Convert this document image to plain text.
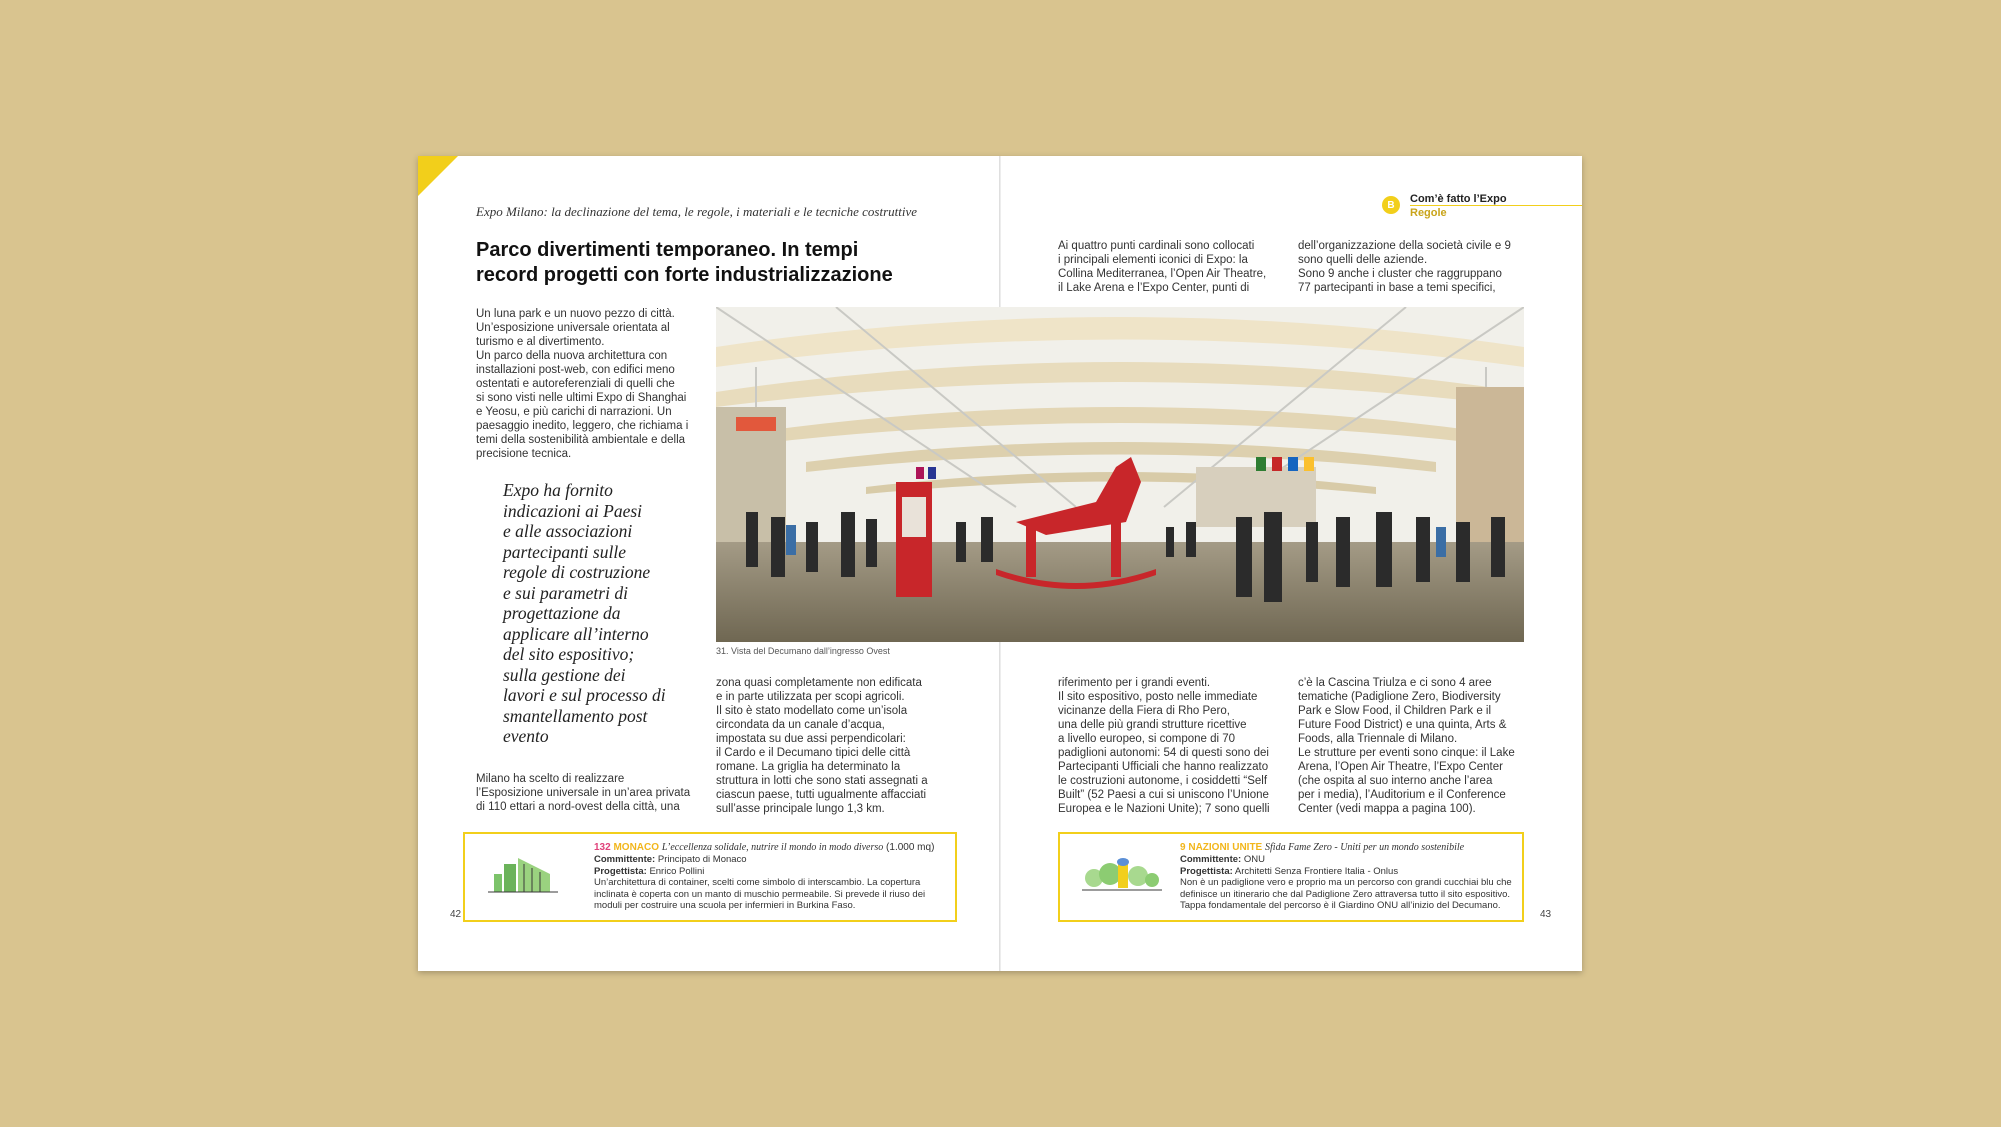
Expo Milano: la declinazione del tema, le regole, i materiali e le tecniche costruttive
Parco divertimenti temporaneo. In tempi
record progetti con forte industrializzazione
Un luna park e un nuovo pezzo di città.
Un’esposizione universale orientata al
turismo e al divertimento.
Un parco della nuova architettura con
installazioni post-web, con edifici meno
ostentati e autoreferenziali di quelli che
si sono visti nelle ultimi Expo di Shanghai
e Yeosu, e più carichi di narrazioni. Un
paesaggio inedito, leggero, che richiama i
temi della sostenibilità ambientale e della
precisione tecnica.
Expo ha fornito
indicazioni ai Paesi
e alle associazioni
partecipanti sulle
regole di costruzione
e sui parametri di
progettazione da
applicare all’interno
del sito espositivo;
sulla gestione dei
lavori e sul processo di
smantellamento post
evento
Milano ha scelto di realizzare
l’Esposizione universale in un’area privata
di 110 ettari a nord-ovest della città, una
31. Vista del Decumano dall’ingresso Ovest
zona quasi completamente non edificata
e in parte utilizzata per scopi agricoli.
Il sito è stato modellato come un’isola
circondata da un canale d’acqua,
impostata su due assi perpendicolari:
il Cardo e il Decumano tipici delle città
romane. La griglia ha determinato la
struttura in lotti che sono stati assegnati a
ciascun paese, tutti ugualmente affacciati
sull’asse principale lungo 1,3 km.
132 MONACO L’eccellenza solidale, nutrire il mondo in modo diverso (1.000 mq)
Committente: Principato di Monaco
Progettista: Enrico Pollini
Un’architettura di container, scelti come simbolo di interscambio. La copertura
inclinata è coperta con un manto di muschio permeabile. Si prevede il riuso dei
moduli per costruire una scuola per infermieri in Burkina Faso.
42
B	Com’è fatto l’Expo
Regole
Ai quattro punti cardinali sono collocati
i principali elementi iconici di Expo: la
Collina Mediterranea, l’Open Air Theatre,
il Lake Arena e l’Expo Center, punti di
dell’organizzazione della società civile e 9
sono quelli delle aziende.
Sono 9 anche i cluster che raggruppano
77 partecipanti in base a temi specifici,
riferimento per i grandi eventi.
Il sito espositivo, posto nelle immediate
vicinanze della Fiera di Rho Pero,
una delle più grandi strutture ricettive
a livello europeo, si compone di 70
padiglioni autonomi: 54 di questi sono dei
Partecipanti Ufficiali che hanno realizzato
le costruzioni autonome, i cosiddetti “Self
Built” (52 Paesi a cui si uniscono l’Unione
Europea e le Nazioni Unite); 7 sono quelli
c’è la Cascina Triulza e ci sono 4 aree
tematiche (Padiglione Zero, Biodiversity
Park e Slow Food, il Children Park e il
Future Food District) e una quinta, Arts &
Foods, alla Triennale di Milano.
Le strutture per eventi sono cinque: il Lake
Arena, l’Open Air Theatre, l’Expo Center
(che ospita al suo interno anche l’area
per i media), l’Auditorium e il Conference
Center (vedi mappa a pagina 100).
9 NAZIONI UNITE Sfida Fame Zero - Uniti per un mondo sostenibile
Committente: ONU
Progettista: Architetti Senza Frontiere Italia - Onlus
Non è un padiglione vero e proprio ma un percorso con grandi cucchiai blu che
definisce un itinerario che dal Padiglione Zero attraversa tutto il sito espositivo.
Tappa fondamentale del percorso è il Giardino ONU all’inizio del Decumano.
43
